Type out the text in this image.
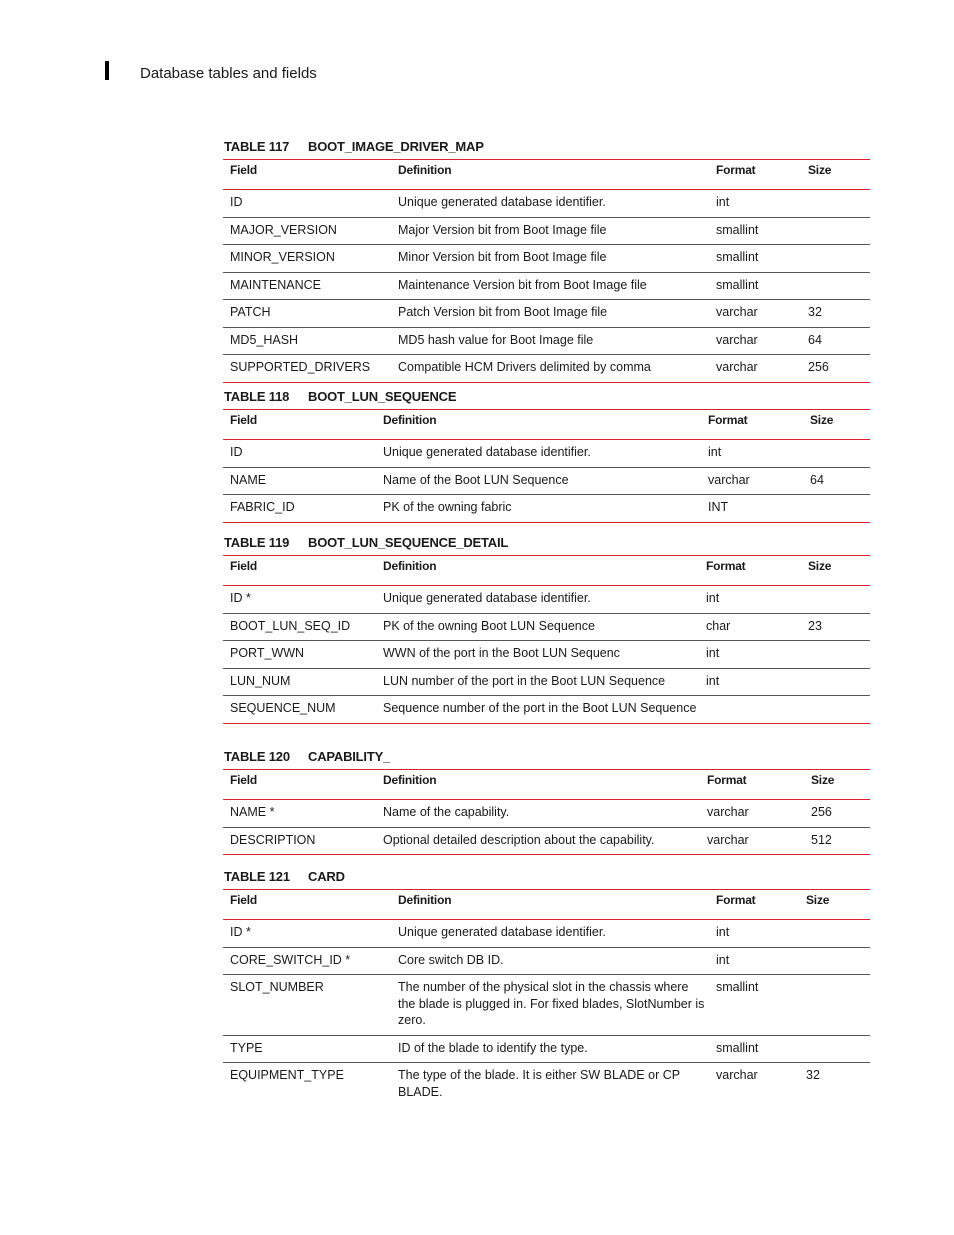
Database tables and fields
TABLE 117 BOOT_IMAGE_DRIVER_MAP
Field	Definition	Format	Size
ID	Unique generated database identifier.	int	
MAJOR_VERSION	Major Version bit from Boot Image file	smallint	
MINOR_VERSION	Minor Version bit from Boot Image file	smallint	
MAINTENANCE	Maintenance Version bit from Boot Image file	smallint	
PATCH	Patch Version bit from Boot Image file	varchar	32
MD5_HASH	MD5 hash value for Boot Image file	varchar	64
SUPPORTED_DRIVERS	Compatible HCM Drivers delimited by comma	varchar	256
TABLE 118 BOOT_LUN_SEQUENCE
Field	Definition	Format	Size
ID	Unique generated database identifier.	int	
NAME	Name of the Boot LUN Sequence	varchar	64
FABRIC_ID	PK of the owning fabric	INT	
TABLE 119 BOOT_LUN_SEQUENCE_DETAIL
Field	Definition	Format	Size
ID *	Unique generated database identifier.	int	
BOOT_LUN_SEQ_ID	PK of the owning Boot LUN Sequence	char	23
PORT_WWN	WWN of the port in the Boot LUN Sequenc	int	
LUN_NUM	LUN number of the port in the Boot LUN Sequence	int	
SEQUENCE_NUM	Sequence number of the port in the Boot LUN Sequence		
TABLE 120 CAPABILITY_
Field	Definition	Format	Size
NAME *	Name of the capability.	varchar	256
DESCRIPTION	Optional detailed description about the capability.	varchar	512
TABLE 121 CARD
Field	Definition	Format	Size
ID *	Unique generated database identifier.	int	
CORE_SWITCH_ID *	Core switch DB ID.	int	
SLOT_NUMBER	The number of the physical slot in the chassis where the blade is plugged in. For fixed blades, SlotNumber is zero.	smallint	
TYPE	ID of the blade to identify the type.	smallint	
EQUIPMENT_TYPE	The type of the blade. It is either SW BLADE or CP BLADE.	varchar	32
